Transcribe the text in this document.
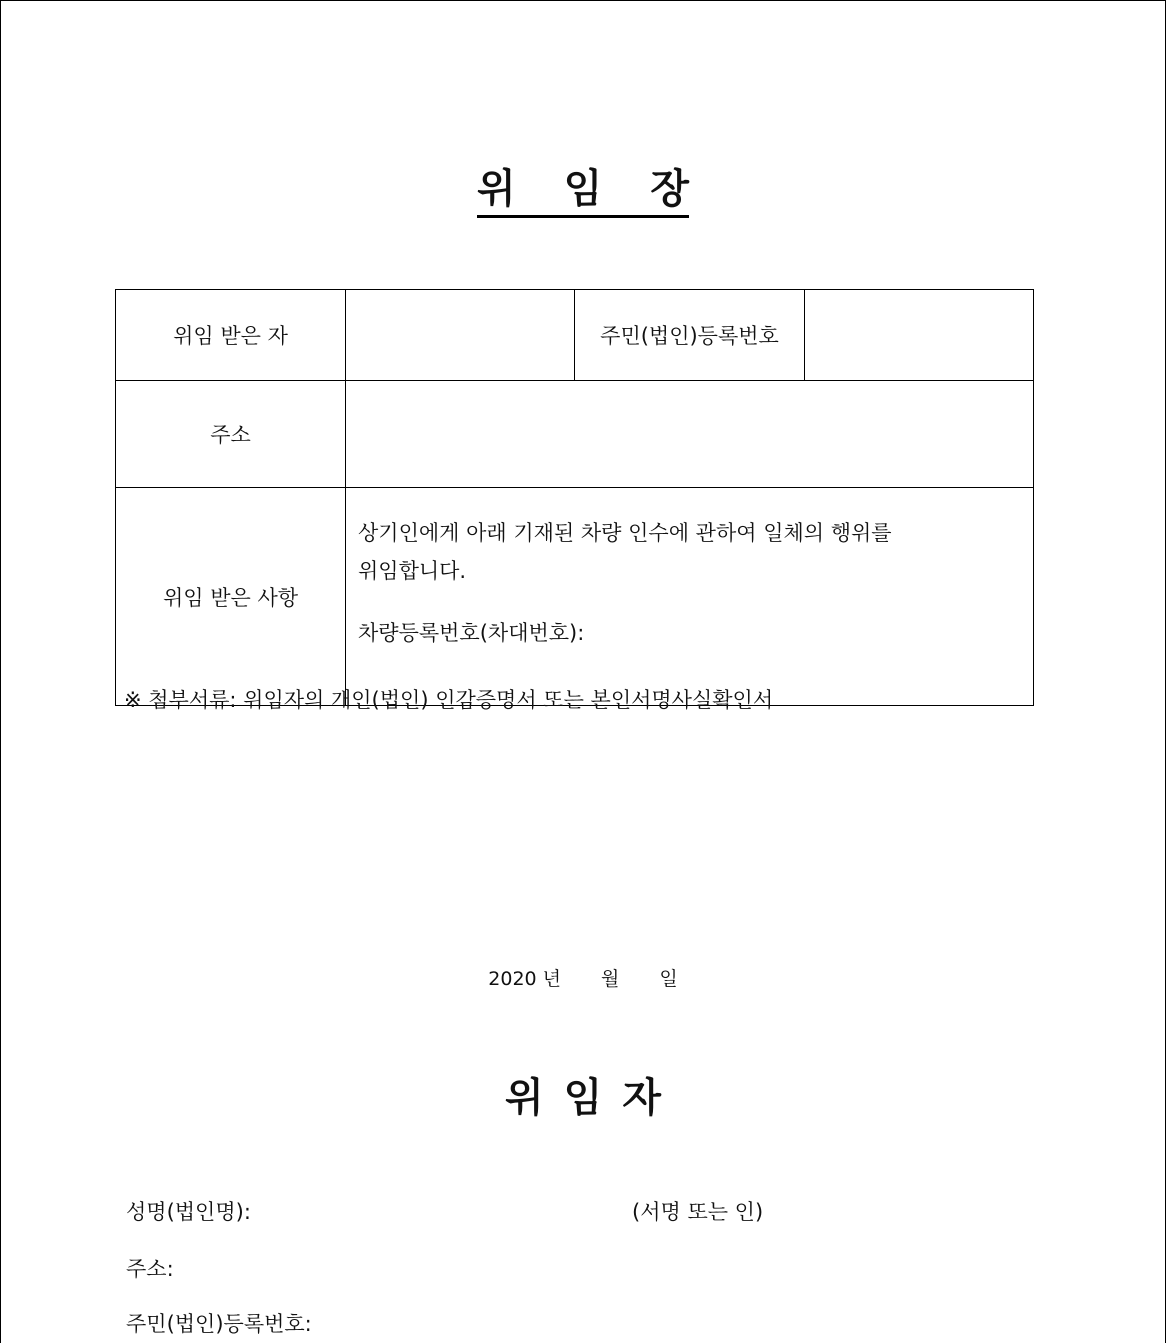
위 임 장
위임 받은 자		주민(법인)등록번호	
주소			
위임 받은 사항	상기인에게 아래 기재된 차량 인수에 관하여 일체의 행위를
위임합니다.
차량등록번호(차대번호):		
※ 첨부서류: 위임자의 개인(법인) 인감증명서 또는 본인서명사실확인서
2020 년 월 일
위 임 자
성명(법인명):	(서명 또는 인)
주소:
주민(법인)등록번호:
